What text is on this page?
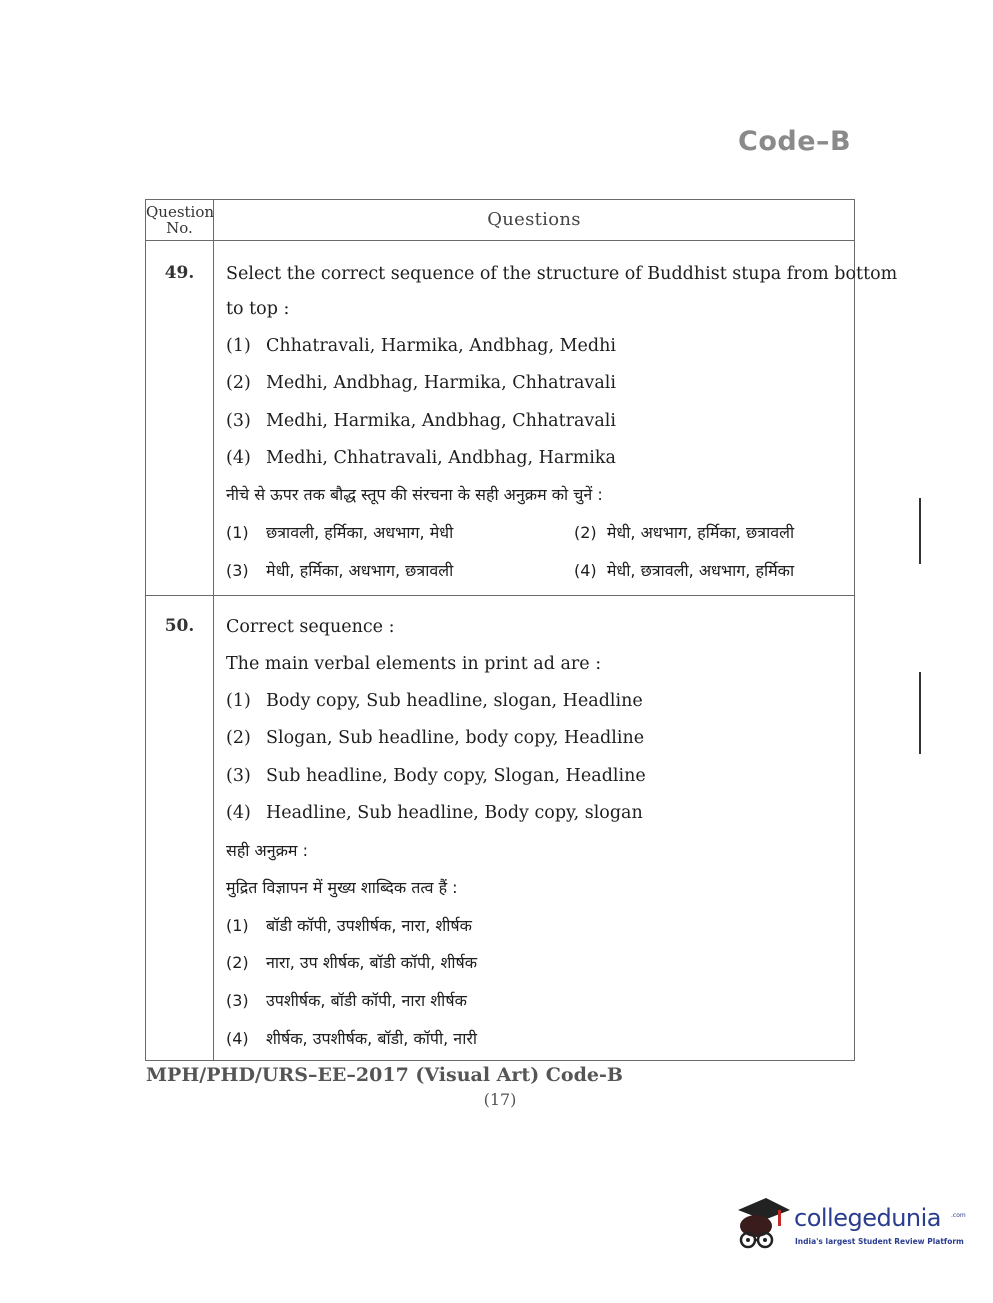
Code–B
Question No.	Questions
49.	Select the correct sequence of the structure of Buddhist stupa from bottom
to top :
(1) Chhatravali, Harmika, Andbhag, Medhi
(2) Medhi, Andbhag, Harmika, Chhatravali
(3) Medhi, Harmika, Andbhag, Chhatravali
(4) Medhi, Chhatravali, Andbhag, Harmika
नीचे से ऊपर तक बौद्ध स्तूप की संरचना के सही अनुक्रम को चुनें :
(1) छत्रावली, हर्मिका, अधभाग, मेधी	(2) मेधी, अधभाग, हर्मिका, छत्रावली
(3) मेधी, हर्मिका, अधभाग, छत्रावली	(4) मेधी, छत्रावली, अधभाग, हर्मिका
50.	Correct sequence :
The main verbal elements in print ad are :
(1) Body copy, Sub headline, slogan, Headline
(2) Slogan, Sub headline, body copy, Headline
(3) Sub headline, Body copy, Slogan, Headline
(4) Headline, Sub headline, Body copy, slogan
सही अनुक्रम :
मुद्रित विज्ञापन में मुख्य शाब्दिक तत्व हैं :
(1) बॉडी कॉपी, उपशीर्षक, नारा, शीर्षक
(2) नारा, उप शीर्षक, बॉडी कॉपी, शीर्षक
(3) उपशीर्षक, बॉडी कॉपी, नारा शीर्षक
(4) शीर्षक, उपशीर्षक, बॉडी, कॉपी, नारी
MPH/PHD/URS–EE–2017 (Visual Art) Code-B
(17)
collegedunia .com
India's largest Student Review Platform
